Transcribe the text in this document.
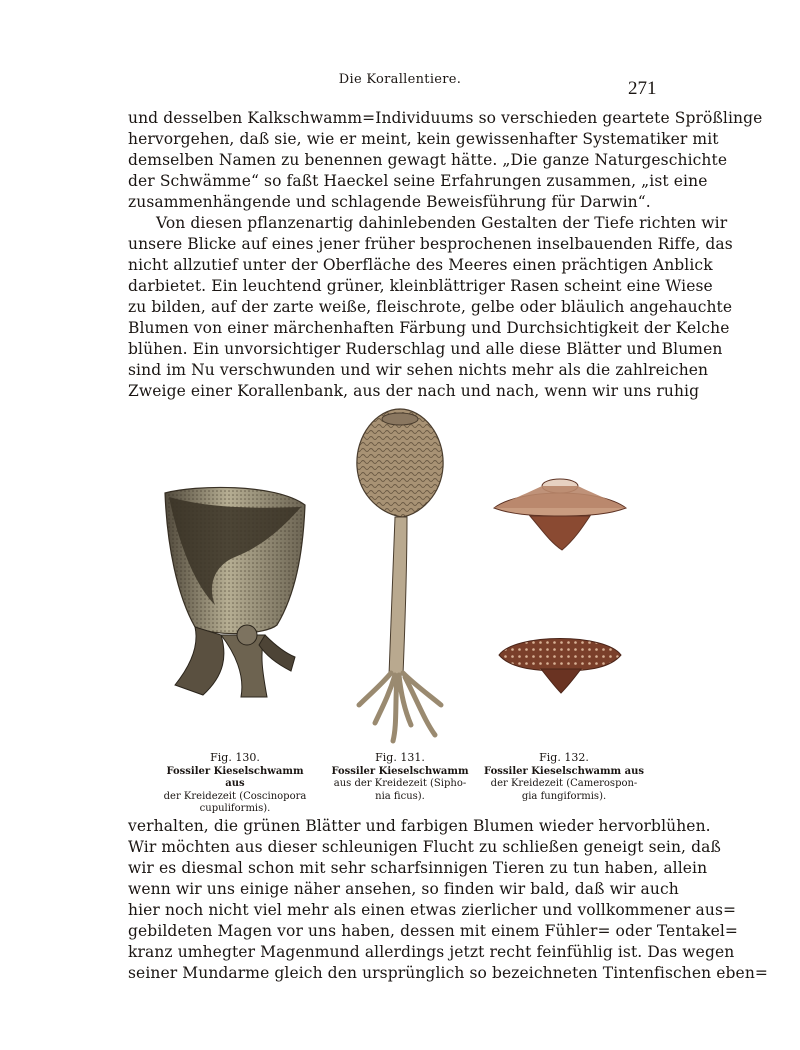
Die Korallentiere.	271
und desselben Kalkschwamm=Individuums so verschieden geartete Sprößlinge
hervorgehen, daß sie, wie er meint, kein gewissenhafter Systematiker mit
demselben Namen zu benennen gewagt hätte. „Die ganze Naturgeschichte
der Schwämme“ so faßt Haeckel seine Erfahrungen zusammen, „ist eine
zusammenhängende und schlagende Beweisführung für Darwin“.
Von diesen pflanzenartig dahinlebenden Gestalten der Tiefe richten wir
unsere Blicke auf eines jener früher besprochenen inselbauenden Riffe, das
nicht allzutief unter der Oberfläche des Meeres einen prächtigen Anblick
darbietet. Ein leuchtend grüner, kleinblättriger Rasen scheint eine Wiese
zu bilden, auf der zarte weiße, fleischrote, gelbe oder bläulich angehauchte
Blumen von einer märchenhaften Färbung und Durchsichtigkeit der Kelche
blühen. Ein unvorsichtiger Ruderschlag und alle diese Blätter und Blumen
sind im Nu verschwunden und wir sehen nichts mehr als die zahlreichen
Zweige einer Korallenbank, aus der nach und nach, wenn wir uns ruhig
Fig. 130.
Fossiler Kieselschwamm aus
der Kreidezeit (Coscinopora
cupuliformis).
Fig. 131.
Fossiler Kieselschwamm
aus der Kreidezeit (Sipho-
nia ficus).
Fig. 132.
Fossiler Kieselschwamm aus
der Kreidezeit (Camerospon-
gia fungiformis).
verhalten, die grünen Blätter und farbigen Blumen wieder hervorblühen.
Wir möchten aus dieser schleunigen Flucht zu schließen geneigt sein, daß
wir es diesmal schon mit sehr scharfsinnigen Tieren zu tun haben, allein
wenn wir uns einige näher ansehen, so finden wir bald, daß wir auch
hier noch nicht viel mehr als einen etwas zierlicher und vollkommener aus=
gebildeten Magen vor uns haben, dessen mit einem Fühler= oder Tentakel=
kranz umhegter Magenmund allerdings jetzt recht feinfühlig ist. Das wegen
seiner Mundarme gleich den ursprünglich so bezeichneten Tintenfischen eben=
